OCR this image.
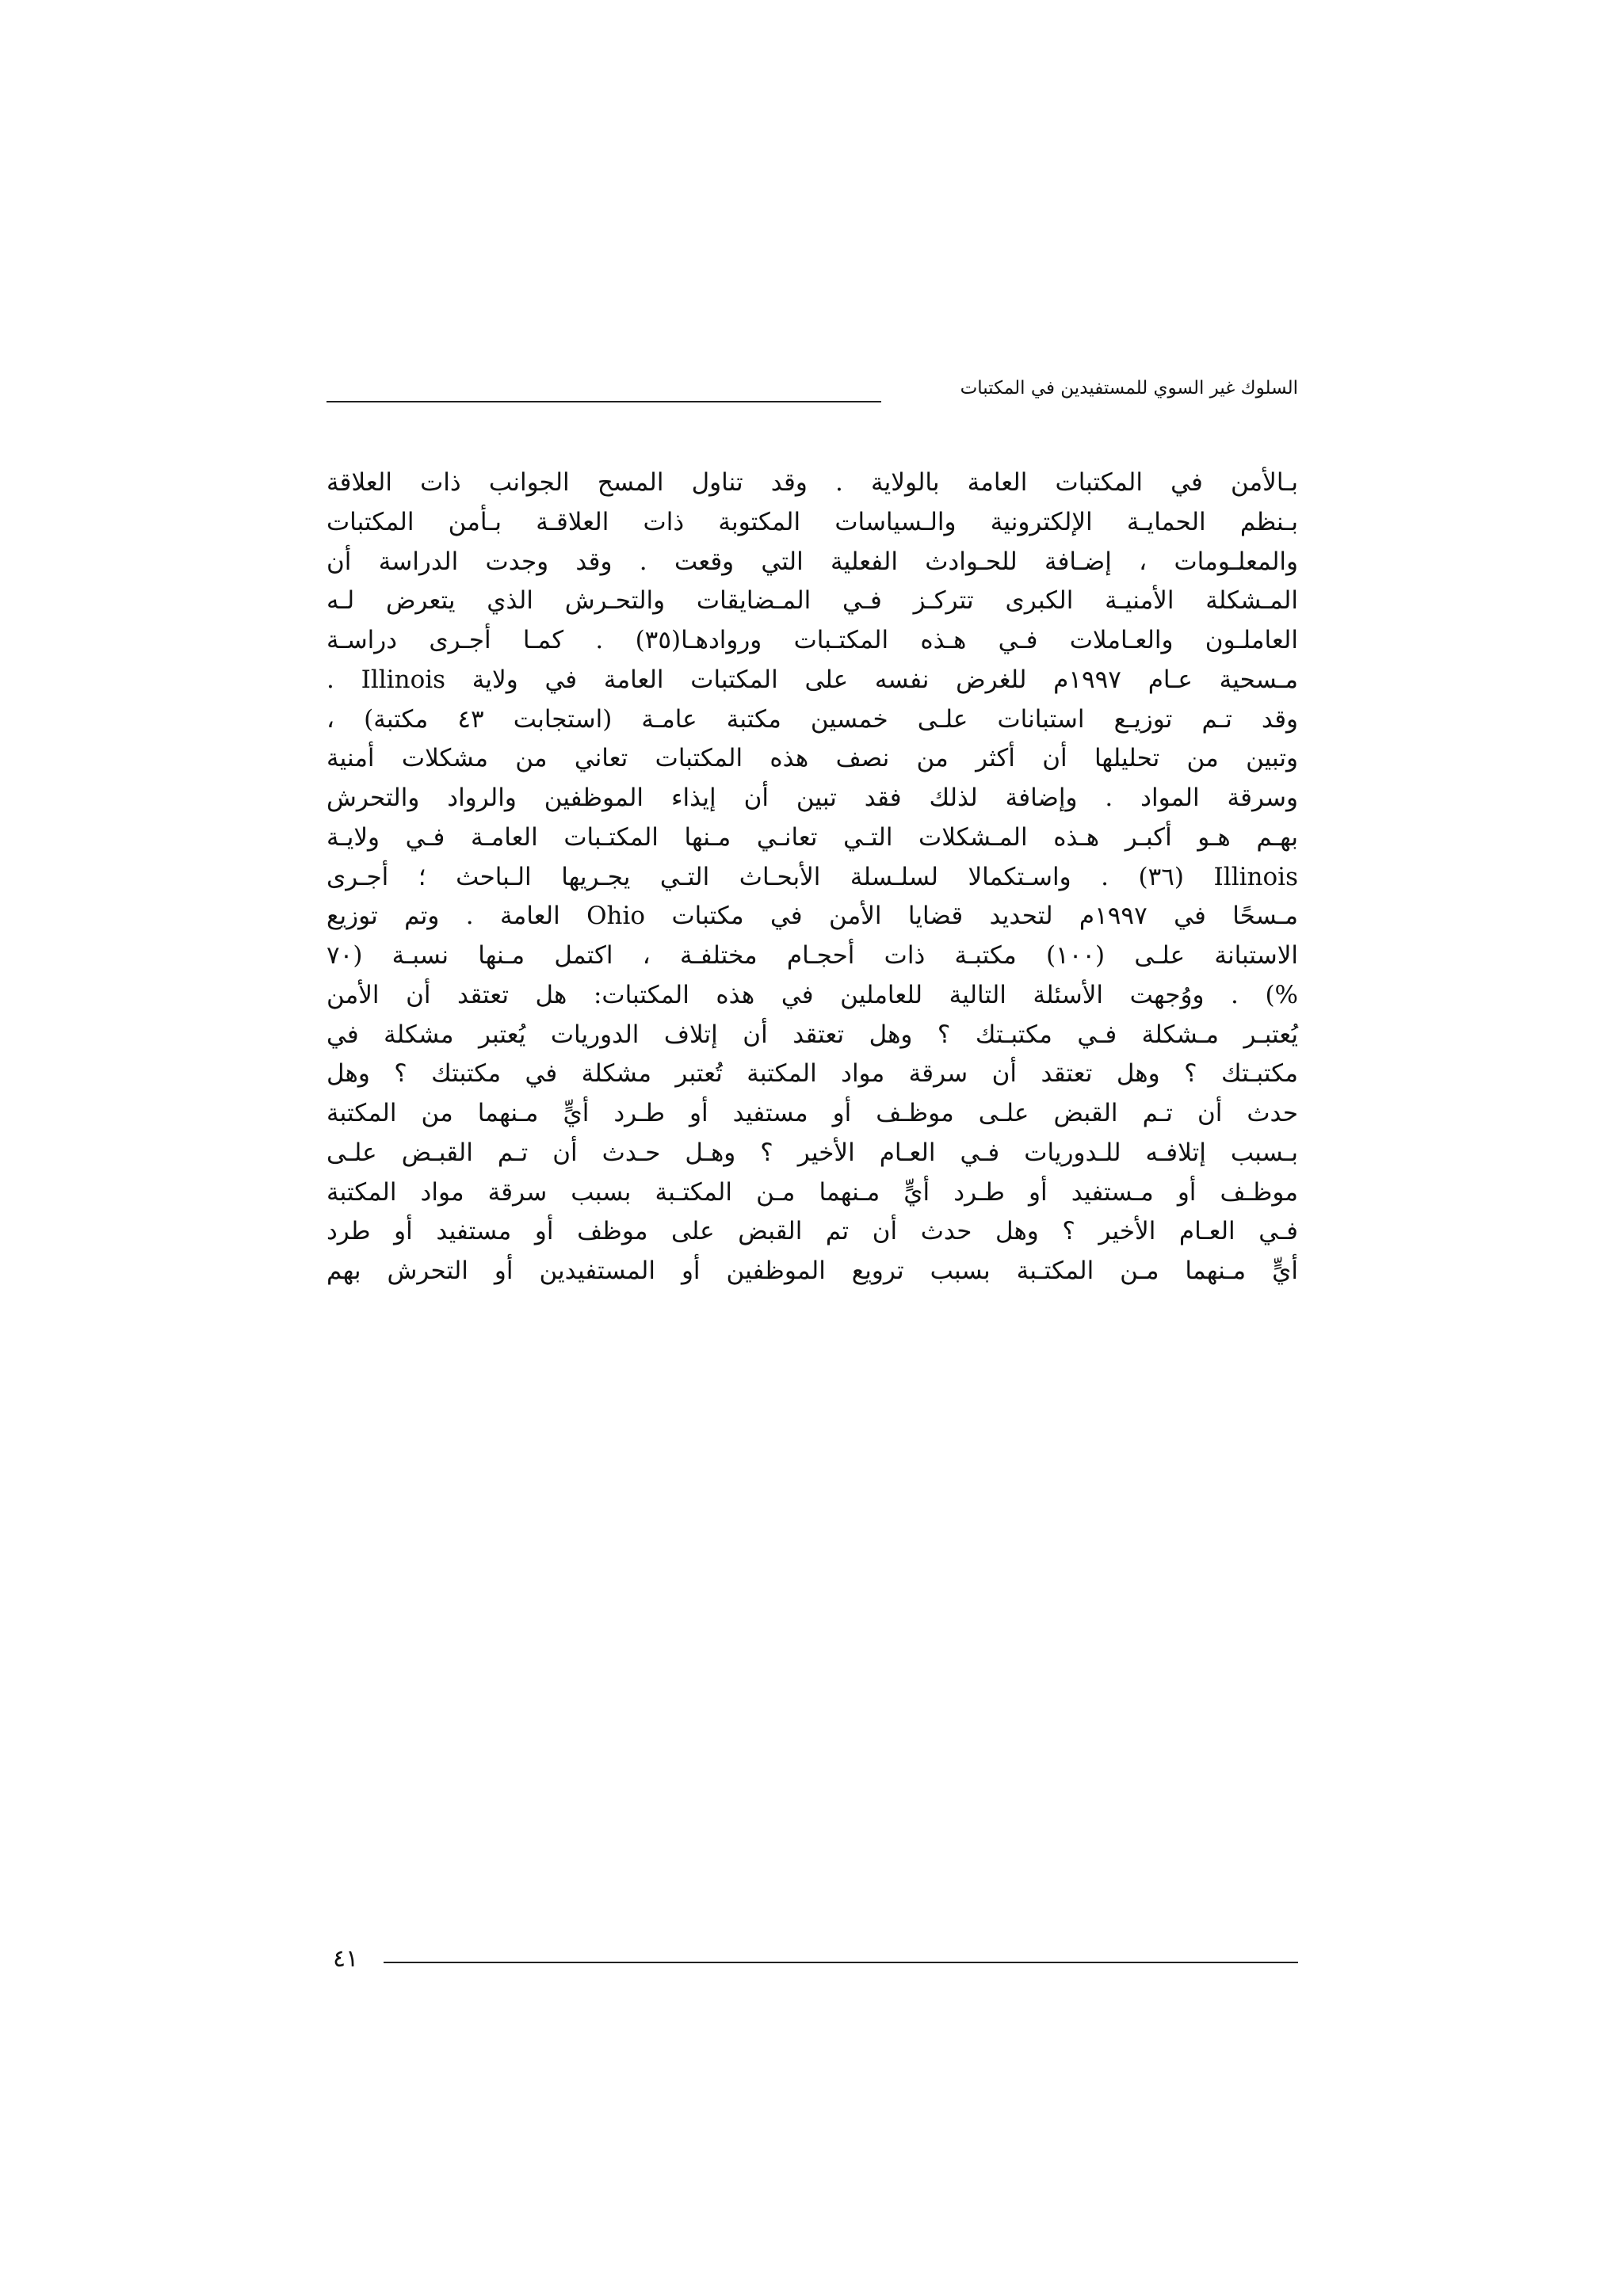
السلوك غير السوي للمستفيدين في المكتبات
بـالأمن في المكتبات العامة بالولاية . وقد تناول المسح الجوانب ذات العلاقة
بـنظم الحمايـة الإلكترونية والـسياسات المكتوبة ذات العلاقـة بـأمن المكتبات
والمعلـومات ، إضـافة للحـوادث الفعلية التي وقعت . وقد وجدت الدراسة أن
المـشكلة الأمنيـة الكبرى تتركـز فـي المـضايقات والتحـرش الذي يتعرض لـه
العاملـون والعـاملات فـي هـذه المكتـبات وروادهـا(٣٥) . كمـا أجـرى دراسـة
مـسحية عـام ١٩٩٧م للغرض نفسه على المكتبات العامة في ولاية Illinois .
وقد تـم توزيـع استبانات علـى خمسين مكتبة عامـة (استجابت ٤٣ مكتبة) ،
وتبين من تحليلها أن أكثر من نصف هذه المكتبات تعاني من مشكلات أمنية
وسرقة المواد . وإضافة لذلك فقد تبين أن إيذاء الموظفين والرواد والتحرش
بهـم هـو أكبـر هـذه المـشكلات التـي تعانـي مـنها المكتـبات العامـة فـي ولايـة
Illinois (٣٦) . واسـتكمالا لسلـسلة الأبحـاث التـي يجـريها الـباحث ؛ أجـرى
مـسحًا في ١٩٩٧م لتحديد قضايا الأمن في مكتبات Ohio العامة . وتم توزيع
الاستبانة علـى (١٠٠) مكتبـة ذات أحجـام مختلفـة ، اكتمل مـنها نسبـة (٧٠
%) . ووُجهت الأسئلة التالية للعاملين في هذه المكتبات: هل تعتقد أن الأمن
يُعتبـر مـشكلة فـي مكتبـتك ؟ وهل تعتقد أن إتلاف الدوريات يُعتبر مشكلة في
مكتبـتك ؟ وهل تعتقد أن سرقة مواد المكتبة تُعتبر مشكلة في مكتبتك ؟ وهل
حدث أن تـم القبض علـى موظـف أو مستفيد أو طـرد أيٍّ مـنهما من المكتبة
بـسبب إتلافـه للـدوريات فـي العـام الأخير ؟ وهـل حـدث أن تـم القبـض علـى
موظـف أو مـستفيد أو طـرد أيٍّ مـنهما مـن المكتـبة بسبب سرقة مواد المكتبة
فـي العـام الأخير ؟ وهل حدث أن تم القبض على موظف أو مستفيد أو طرد
أيٍّ مـنهما مـن المكتـبة بسبب ترويع الموظفين أو المستفيدين أو التحرش بهم
٤١
